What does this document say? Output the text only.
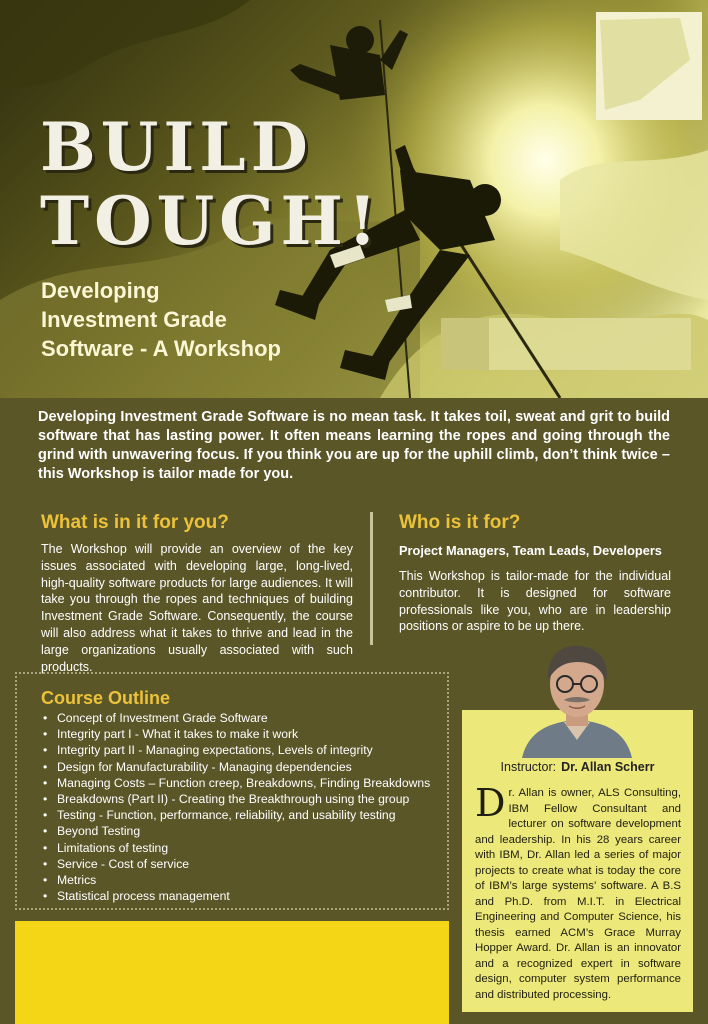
BUILD
TOUGH!
Developing
Investment Grade
Software - A Workshop

Developing Investment Grade Software is no mean task. It takes toil, sweat and grit to build software that has lasting power. It often means learning the ropes and going through the grind with unwavering focus. If you think you are up for the uphill climb, don’t think twice – this Workshop is tailor made for you.

What is in it for you?

The Workshop will provide an overview of the key issues associated with developing large, long-lived, high-quality software products for large audiences. It will take you through the ropes and techniques of building Investment Grade Software. Consequently, the course will also address what it takes to thrive and lead in the large organizations usually associated with such products.

Who is it for?

Project Managers, Team Leads, Developers

This Workshop is tailor-made for the individual contributor. It is designed for software professionals like you, who are in leadership positions or aspire to be up there.

Course Outline
• Concept of Investment Grade Software
• Integrity part I - What it takes to make it work
• Integrity part II - Managing expectations, Levels of integrity
• Design for Manufacturability - Managing dependencies
• Managing Costs – Function creep, Breakdowns, Finding Breakdowns
• Breakdowns (Part II) - Creating the Breakthrough using the group
• Testing - Function, performance, reliability, and usability testing
• Beyond Testing
• Limitations of testing
• Service - Cost of service
• Metrics
• Statistical process management

Instructor: Dr. Allan Scherr

Dr. Allan is owner, ALS Consulting, IBM Fellow Consultant and lecturer on software development and leadership. In his 28 years career with IBM, Dr. Allan led a series of major projects to create what is today the core of IBM’s large systems’ software. A B.S and Ph.D. from M.I.T. in Electrical Engineering and Computer Science, his thesis earned ACM’s Grace Murray Hopper Award. Dr. Allan is an innovator and a recognized expert in software design, computer system performance and distributed processing.
